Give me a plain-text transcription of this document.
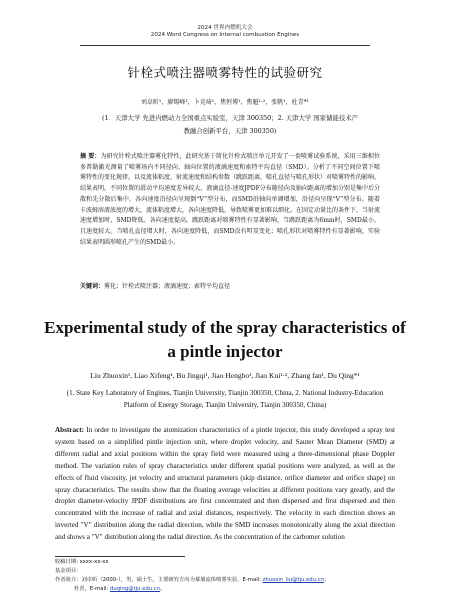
2024 世界内燃机大会
2024 Word Congress on Internal combustion Engines
针栓式喷注器喷雾特性的试验研究
刘卓昕¹，廖锡峰¹，卜竞琦¹，焦恒博¹，焦魁¹·²，张帆¹，杜青*¹
(1．天津大学 先进内燃动力全国重点实验室，天津 300350；2. 天津大学 国家储能技术产教融合创新平台，天津 300350)
摘 要：为研究针栓式喷注器雾化特性，此研究基于简化针栓式喷注单元开发了一套喷雾试验系统，采用三维相位多普勒激光测量了喷雾场内不同径向、轴向位置的液滴速度和索特平均直径（SMD）。分析了不同空间位置下喷雾特性的变化规律，以及流体粘度、射流速度和结构参数（跳跃距离，喷孔直径与喷孔形状）对喷雾特性的影响。结果表明，不同位置的滑动平均速度差异较大，液滴直径-速度JPDF分布随径向及轴向距离的增加分别是集中后分散和先分散后集中。各向速度沿径向呈现倒“V”型分布，而SMD沿轴向单调增加，沿径向呈现“V”型分布。随着卡波姆溶液浓度的增大，流体粘度增大，各向速度降低，导致喷雾更加难以细化。在固定动量比的条件下，当射流速度增加时，SMD降低、各向速度提高。跳跃距离对喷雾特性有显著影响，当跳跃距离为6mm时，SMD最小，且速度较大。当喷孔直径增大时，各向速度降低，而SMD没有明显变化；喷孔形状对喷雾特性有显著影响，实验结果表明圆形喷孔产生的SMD最小。
关键词：雾化；针栓式喷注器；液滴速度；索特平均直径
Experimental study of the spray characteristics of a pintle injector
Liu Zhuoxin¹, Liao Xifeng¹, Bu Jingqi¹, Jiao Hengbo¹, Jiao Kui¹·², Zhang fan¹, Du Qing*¹
(1. State Key Laboratory of Engines, Tianjin University, Tianjin 300350, China, 2. National Industry-Education Platform of Energy Storage, Tianjin University, Tianjin 300350, China)
Abstract: In order to investigate the atomization characteristics of a pintle injector, this study developed a spray test system based on a simplified pintle injection unit, where droplet velocity, and Sauter Mean Diameter (SMD) at different radial and axial positions within the spray field were measured using a three-dimensional phase Doppler method. The variation rules of spray characteristics under different spatial positions were analyzed, as well as the effects of fluid viscosity, jet velocity and structural parameters (skip distance, orifice diameter and orifice shape) on spray characteristics. The results show that the floating average velocities at different positions vary greatly, and the droplet diameter-velocity JPDF distributions are first concentrated and then dispersed and first dispersed and then concentrated with the increase of radial and axial distances, respectively. The velocity in each direction shows an inverted "V" distribution along the radial direction, while the SMD increases monotonically along the axial direction and shows a "V" distribution along the radial direction. As the concentration of the carbomer solution
收稿日期: xxxx-xx-xx
基金项目:
作者简介：刘卓昕（2000-），男，硕士生，主要研究方向为幕墙流体喷雾实验，E-mail: zhuoxin_liu@tju.edu.cn；
杜青，E-mail: duqing@tju.edu.cn。
